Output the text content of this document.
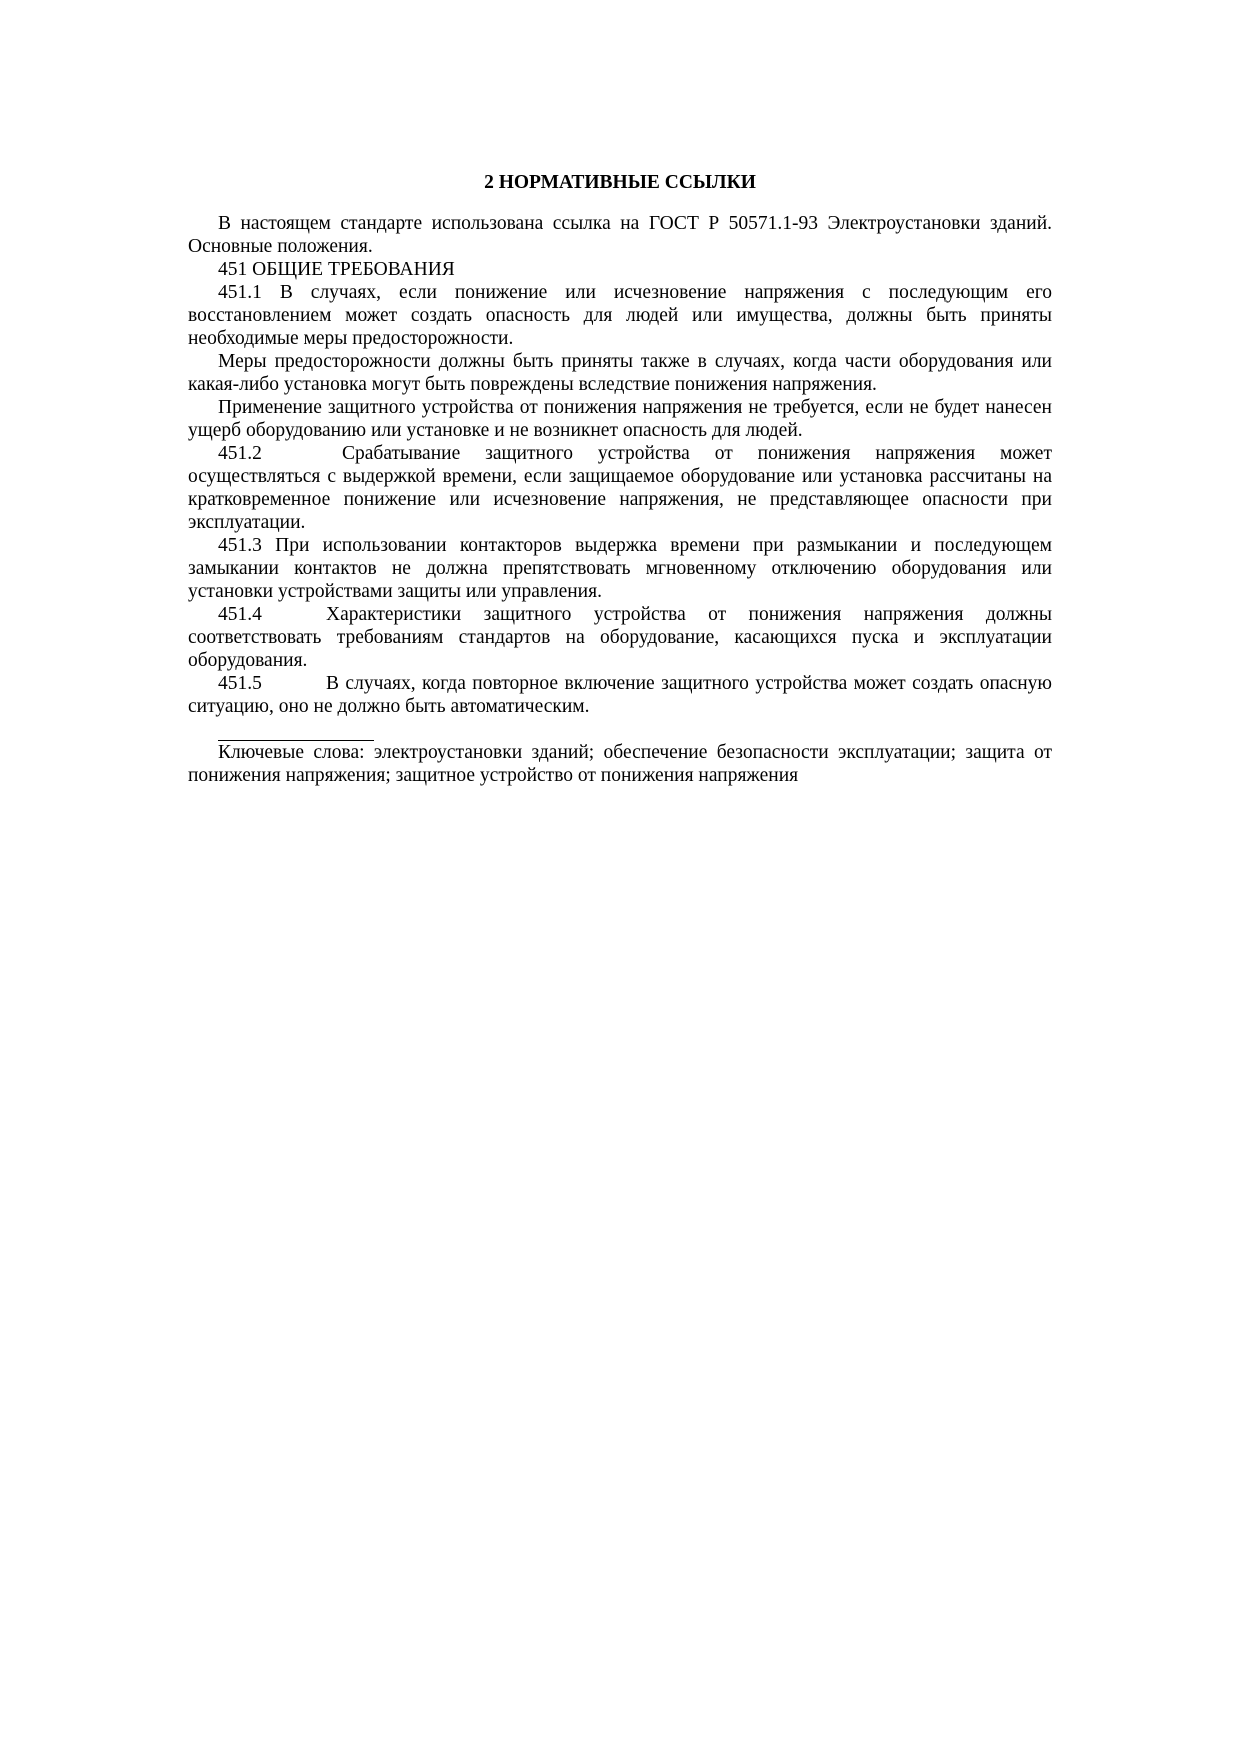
2 НОРМАТИВНЫЕ ССЫЛКИ

В настоящем стандарте использована ссылка на ГОСТ Р 50571.1-93 Электроустановки зданий. Основные положения.

451 ОБЩИЕ ТРЕБОВАНИЯ

451.1 В случаях, если понижение или исчезновение напряжения с последующим его восстановлением может создать опасность для людей или имущества, должны быть приняты необходимые меры предосторожности.

Меры предосторожности должны быть приняты также в случаях, когда части оборудования или какая-либо установка могут быть повреждены вследствие понижения напряжения.

Применение защитного устройства от понижения напряжения не требуется, если не будет нанесен ущерб оборудованию или установке и не возникнет опасность для людей.

451.2	Срабатывание защитного устройства от понижения напряжения может осуществляться с выдержкой времени, если защищаемое оборудование или установка рассчитаны на кратковременное понижение или исчезновение напряжения, не представляющее опасности при эксплуатации.

451.3 При использовании контакторов выдержка времени при размыкании и последующем замыкании контактов не должна препятствовать мгновенному отключению оборудования или установки устройствами защиты или управления.

451.4	Характеристики защитного устройства от понижения напряжения должны соответствовать требованиям стандартов на оборудование, касающихся пуска и эксплуатации оборудования.

451.5	В случаях, когда повторное включение защитного устройства может создать опасную ситуацию, оно не должно быть автоматическим.

Ключевые слова: электроустановки зданий; обеспечение безопасности эксплуатации; защита от понижения напряжения; защитное устройство от понижения напряжения
